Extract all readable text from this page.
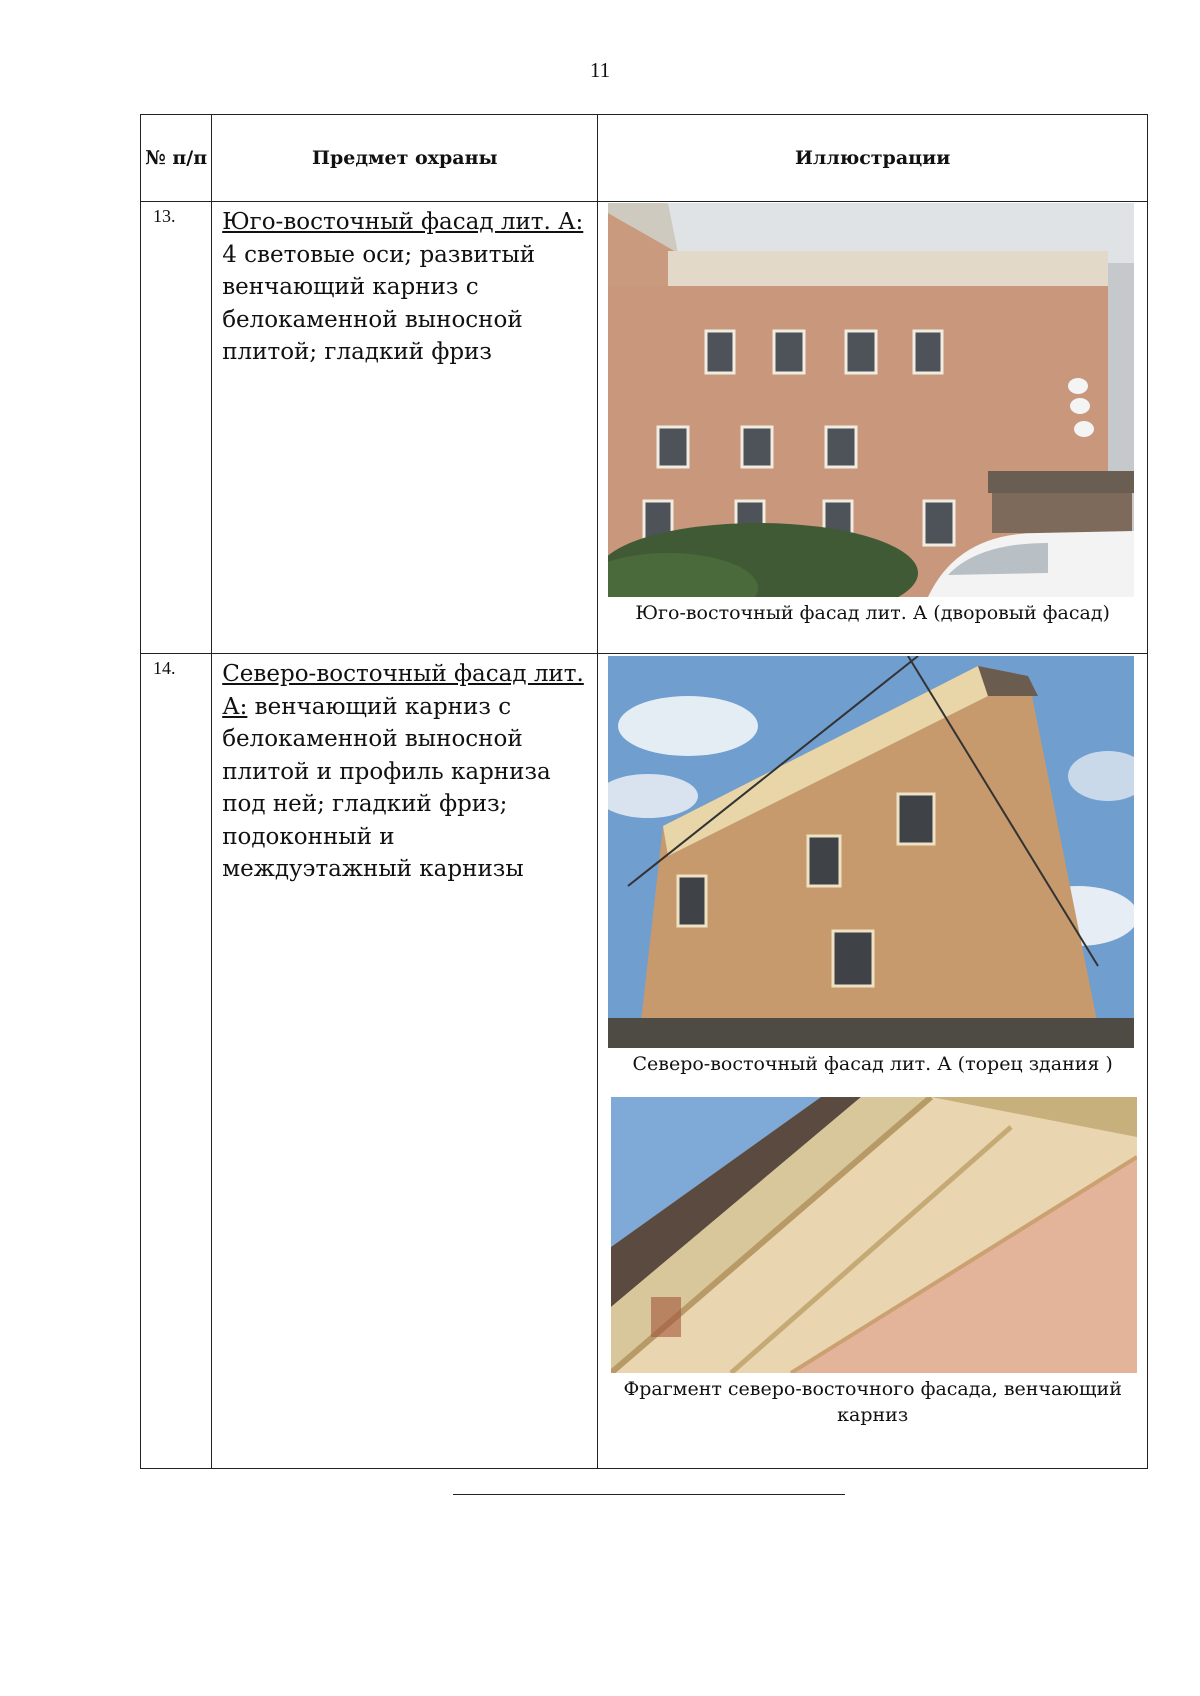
11
№ п/п	Предмет охраны	Иллюстрации
13.	Юго-восточный фасад лит. А: 4 световые оси; развитый венчающий карниз с белокаменной выносной плитой; гладкий фриз	Юго-восточный фасад лит. А (дворовый фасад)

14.	Северо-восточный фасад лит. А: венчающий карниз с белокаменной выносной плитой и профиль карниза под ней; гладкий фриз; подоконный и междуэтажный карнизы	Северо-восточный фасад лит. А (торец здания )
Фрагмент северо-восточного фасада, венчающий карниз
